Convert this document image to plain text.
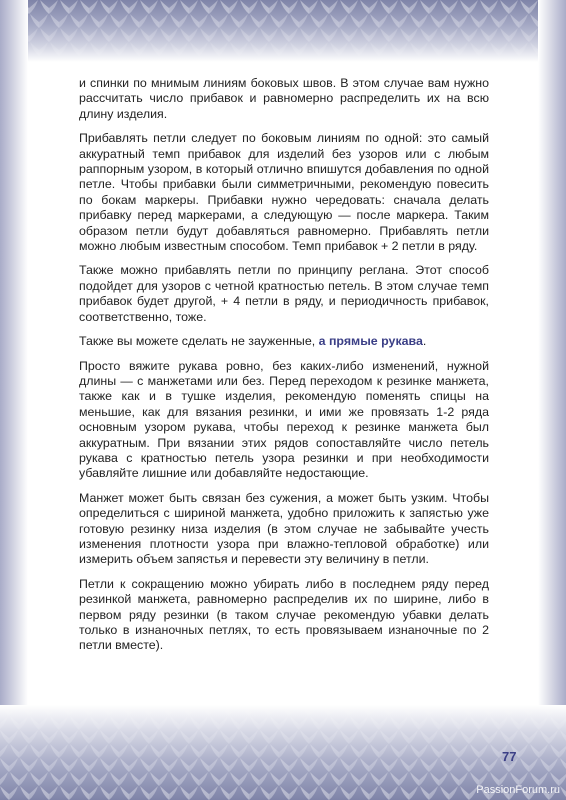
и спинки по мнимым линиям боковых швов. В этом случае вам нужно рассчитать число прибавок и равномерно распределить их на всю длину изделия.

Прибавлять петли следует по боковым линиям по одной: это самый аккуратный темп прибавок для изделий без узоров или с любым раппорным узором, в который отлично впишутся добавления по одной петле. Чтобы прибавки были симметричными, рекомендую повесить по бокам маркеры. Прибавки нужно чередовать: сначала делать прибавку перед маркерами, а следующую — после маркера. Таким образом петли будут добавляться равномерно. Прибавлять петли можно любым известным способом. Темп прибавок + 2 петли в ряду.

Также можно прибавлять петли по принципу реглана. Этот способ подойдет для узоров с четной кратностью петель. В этом случае темп прибавок будет другой, + 4 петли в ряду, и периодичность прибавок, соответственно, тоже.

Также вы можете сделать не зауженные, а прямые рукава.

Просто вяжите рукава ровно, без каких-либо изменений, нужной длины — с манжетами или без. Перед переходом к резинке манжета, также как и в тушке изделия, рекомендую поменять спицы на меньшие, как для вязания резинки, и ими же провязать 1-2 ряда основным узором рукава, чтобы переход к резинке манжета был аккуратным. При вязании этих рядов сопоставляйте число петель рукава с кратностью петель узора резинки и при необходимости убавляйте лишние или добавляйте недостающие.

Манжет может быть связан без сужения, а может быть узким. Чтобы определиться с шириной манжета, удобно приложить к запястью уже готовую резинку низа изделия (в этом случае не забывайте учесть изменения плотности узора при влажно-тепловой обработке) или измерить объем запястья и перевести эту величину в петли.

Петли к сокращению можно убирать либо в последнем ряду перед резинкой манжета, равномерно распределив их по ширине, либо в первом ряду резинки (в таком случае рекомендую убавки делать только в изнаночных петлях, то есть провязываем изнаночные по 2 петли вместе).

77
PassionForum.ru
